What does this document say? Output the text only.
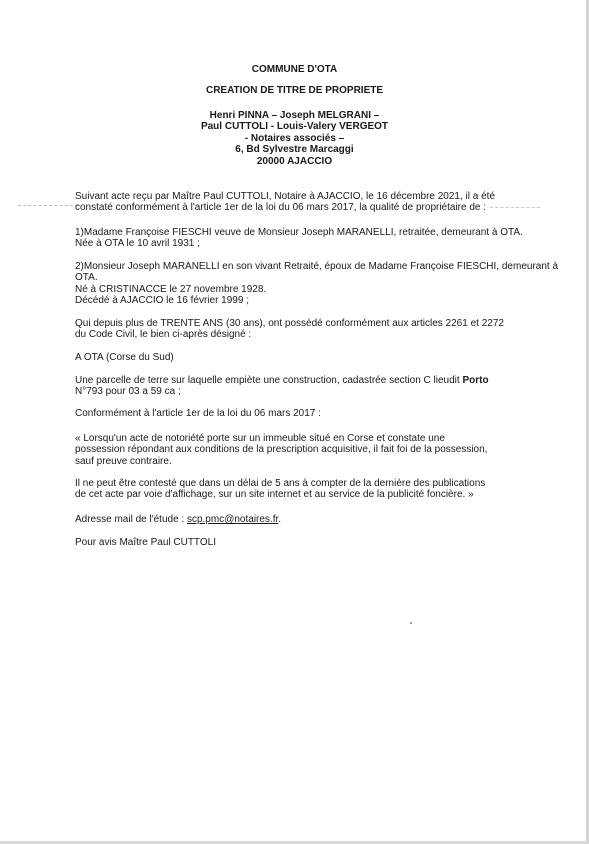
COMMUNE D'OTA
CREATION DE TITRE DE PROPRIETE
Henri PINNA – Joseph MELGRANI –
Paul CUTTOLI - Louis-Valery VERGEOT
- Notaires associés –
6, Bd Sylvestre Marcaggi
20000 AJACCIO

Suivant acte reçu par Maître Paul CUTTOLI, Notaire à AJACCIO, le 16 décembre 2021, il a été

constaté conformément à l'article 1er de la loi du 06 mars 2017, la qualité de propriétaire de :

1)Madame Françoise FIESCHI veuve de Monsieur Joseph MARANELLI, retraitée, demeurant à OTA.

Née à OTA le 10 avril 1931 ;

2)Monsieur Joseph MARANELLI en son vivant Retraité, époux de Madame Françoise FIESCHI, demeurant à

OTA.

Né à CRISTINACCE le 27 novembre 1928.

Décédé à AJACCIO le 16 février 1999 ;

Qui depuis plus de TRENTE ANS (30 ans), ont possédé conformément aux articles 2261 et 2272

du Code Civil, le bien ci-après désigné :

A OTA (Corse du Sud)

Une parcelle de terre sur laquelle empiète une construction, cadastrée section C lieudit Porto

N°793 pour 03 a 59 ca ;

Conformément à l'article 1er de la loi du 06 mars 2017 :

« Lorsqu'un acte de notoriété porte sur un immeuble situé en Corse et constate une

possession répondant aux conditions de la prescription acquisitive, il fait foi de la possession,

sauf preuve contraire.

Il ne peut être contesté que dans un délai de 5 ans à compter de la dernière des publications

de cet acte par voie d'affichage, sur un site internet et au service de la publicité foncière. »

Adresse mail de l'étude : scp.pmc@notaires.fr.

Pour avis Maître Paul CUTTOLI
